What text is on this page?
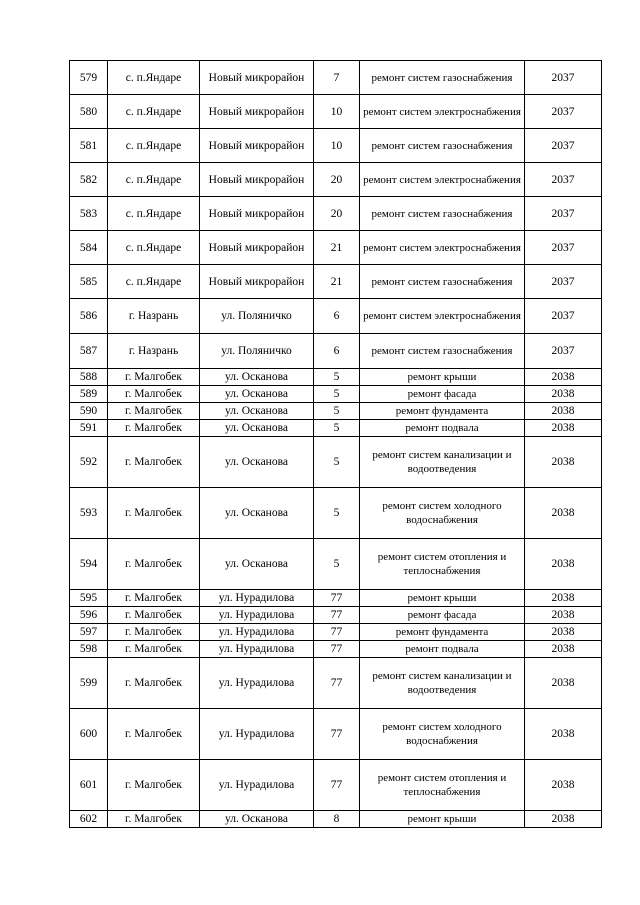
579	с. п.Яндаре	Новый микрорайон	7	ремонт систем газоснабжения	2037
580	с. п.Яндаре	Новый микрорайон	10	ремонт систем электроснабжения	2037
581	с. п.Яндаре	Новый микрорайон	10	ремонт систем газоснабжения	2037
582	с. п.Яндаре	Новый микрорайон	20	ремонт систем электроснабжения	2037
583	с. п.Яндаре	Новый микрорайон	20	ремонт систем газоснабжения	2037
584	с. п.Яндаре	Новый микрорайон	21	ремонт систем электроснабжения	2037
585	с. п.Яндаре	Новый микрорайон	21	ремонт систем газоснабжения	2037
586	г. Назрань	ул. Поляничко	6	ремонт систем электроснабжения	2037
587	г. Назрань	ул. Поляничко	6	ремонт систем газоснабжения	2037
588	г. Малгобек	ул. Осканова	5	ремонт крыши	2038
589	г. Малгобек	ул. Осканова	5	ремонт фасада	2038
590	г. Малгобек	ул. Осканова	5	ремонт фундамента	2038
591	г. Малгобек	ул. Осканова	5	ремонт подвала	2038
592	г. Малгобек	ул. Осканова	5	ремонт систем канализации и водоотведения	2038
593	г. Малгобек	ул. Осканова	5	ремонт систем холодного водоснабжения	2038
594	г. Малгобек	ул. Осканова	5	ремонт систем отопления и теплоснабжения	2038
595	г. Малгобек	ул. Нурадилова	77	ремонт крыши	2038
596	г. Малгобек	ул. Нурадилова	77	ремонт фасада	2038
597	г. Малгобек	ул. Нурадилова	77	ремонт фундамента	2038
598	г. Малгобек	ул. Нурадилова	77	ремонт подвала	2038
599	г. Малгобек	ул. Нурадилова	77	ремонт систем канализации и водоотведения	2038
600	г. Малгобек	ул. Нурадилова	77	ремонт систем холодного водоснабжения	2038
601	г. Малгобек	ул. Нурадилова	77	ремонт систем отопления и теплоснабжения	2038
602	г. Малгобек	ул. Осканова	8	ремонт крыши	2038
